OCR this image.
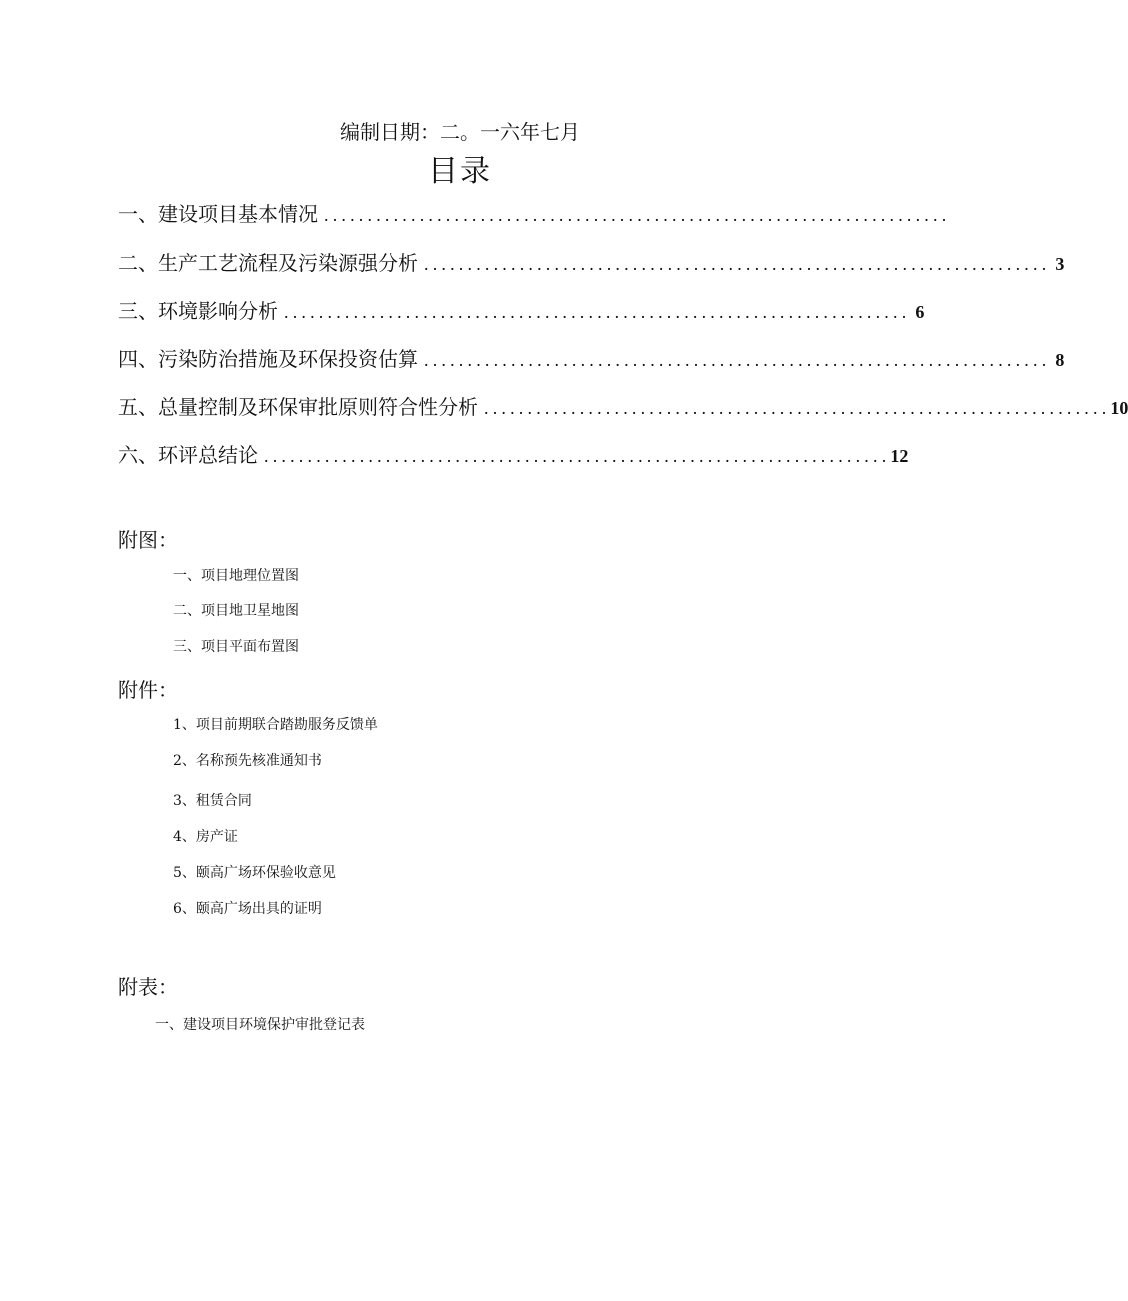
编制日期：二。一六年七月
目录
一、建设项目基本情况 ........................................................................
二、生产工艺流程及污染源强分析 ........................................................................ 3
三、环境影响分析 ........................................................................ 6
四、污染防治措施及环保投资估算 ........................................................................ 8
五、总量控制及环保审批原则符合性分析 ........................................................................ 10
六、环评总结论 ........................................................................ 12
附图：
一、项目地理位置图
二、项目地卫星地图
三、项目平面布置图
附件：
1、项目前期联合踏勘服务反馈单
2、名称预先核准通知书
3、租赁合同
4、房产证
5、颐高广场环保验收意见
6、颐高广场出具的证明
附表：
一、建设项目环境保护审批登记表
